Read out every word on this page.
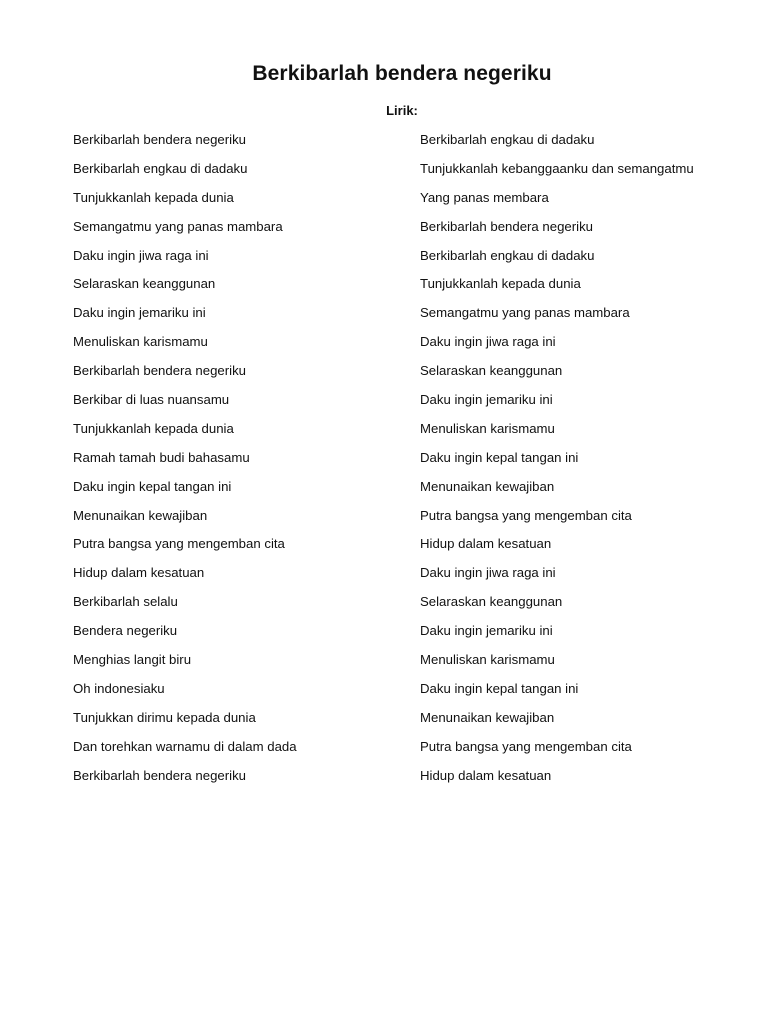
Berkibarlah bendera negeriku

Lirik:

Berkibarlah bendera negeriku
Berkibarlah engkau di dadaku
Tunjukkanlah kepada dunia
Semangatmu yang panas mambara
Daku ingin jiwa raga ini
Selaraskan keanggunan
Daku ingin jemariku ini
Menuliskan karismamu
Berkibarlah bendera negeriku
Berkibar di luas nuansamu
Tunjukkanlah kepada dunia
Ramah tamah budi bahasamu
Daku ingin kepal tangan ini
Menunaikan kewajiban
Putra bangsa yang mengemban cita
Hidup dalam kesatuan
Berkibarlah selalu
Bendera negeriku
Menghias langit biru
Oh indonesiaku
Tunjukkan dirimu kepada dunia
Dan torehkan warnamu di dalam dada
Berkibarlah bendera negeriku
Berkibarlah engkau di dadaku
Tunjukkanlah kebanggaanku dan semangatmu
Yang panas membara
Berkibarlah bendera negeriku
Berkibarlah engkau di dadaku
Tunjukkanlah kepada dunia
Semangatmu yang panas mambara
Daku ingin jiwa raga ini
Selaraskan keanggunan
Daku ingin jemariku ini
Menuliskan karismamu
Daku ingin kepal tangan ini
Menunaikan kewajiban
Putra bangsa yang mengemban cita
Hidup dalam kesatuan
Daku ingin jiwa raga ini
Selaraskan keanggunan
Daku ingin jemariku ini
Menuliskan karismamu
Daku ingin kepal tangan ini
Menunaikan kewajiban
Putra bangsa yang mengemban cita
Hidup dalam kesatuan
